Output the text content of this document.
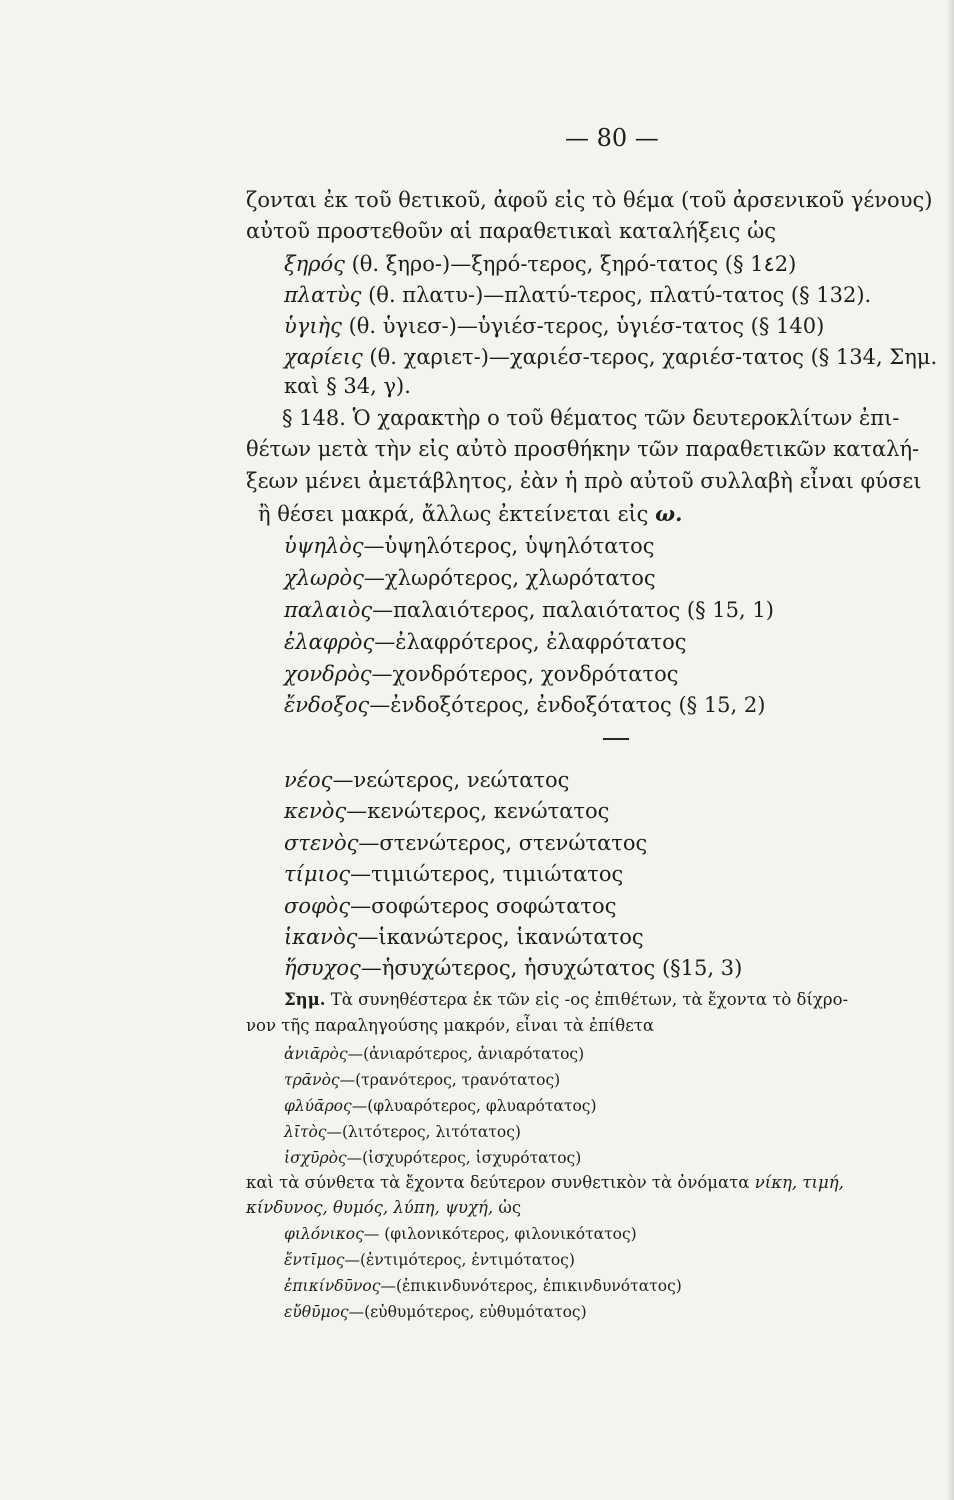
— 80 —
ζονται ἐκ τοῦ θετικοῦ, ἀφοῦ εἰς τὸ θέμα (τοῦ ἀρσενικοῦ γένους)
αὐτοῦ προστεθοῦν αἱ παραθετικαὶ καταλήξεις ὡς
ξηρός (θ. ξηρο-)—ξηρό-τερος, ξηρό-τατος (§ 1٤2)
πλατὺς (θ. πλατυ-)—πλατύ-τερος, πλατύ-τατος (§ 132).
ὑγιὴς (θ. ὑγιεσ-)—ὑγιέσ-τερος, ὑγιέσ-τατος (§ 140)
χαρίεις (θ. χαριετ-)—χαριέσ-τερος, χαριέσ-τατος (§ 134, Σημ.
καὶ § 34, γ).
§ 148. Ὁ χαρακτὴρ ο τοῦ θέματος τῶν δευτεροκλίτων ἐπι-
θέτων μετὰ τὴν εἰς αὐτὸ προσθήκην τῶν παραθετικῶν καταλή-
ξεων μένει ἀμετάβλητος, ἐὰν ἡ πρὸ αὐτοῦ συλλαβὴ εἶναι φύσει
ἢ θέσει μακρά, ἄλλως ἐκτείνεται εἰς ω.
ὑψηλὸς—ὑψηλότερος, ὑψηλότατος
χλωρὸς—χλωρότερος, χλωρότατος
παλαιὸς—παλαιότερος, παλαιότατος (§ 15, 1)
ἐλαφρὸς—ἐλαφρότερος, ἐλαφρότατος
χονδρὸς—χονδρότερος, χονδρότατος
ἔνδοξος—ἐνδοξότερος, ἐνδοξότατος (§ 15, 2)
νέος—νεώτερος, νεώτατος
κενὸς—κενώτερος, κενώτατος
στενὸς—στενώτερος, στενώτατος
τίμιος—τιμιώτερος, τιμιώτατος
σοφὸς—σοφώτερος σοφώτατος
ἱκανὸς—ἱκανώτερος, ἱκανώτατος
ἥσυχος—ἡσυχώτερος, ἡσυχώτατος (§15, 3)
Σημ. Τὰ συνηθέστερα ἐκ τῶν εἰς -ος ἐπιθέτων, τὰ ἔχοντα τὸ δίχρο-
νον τῆς παραληγούσης μακρόν, εἶναι τὰ ἐπίθετα
ἀνιᾱρὸς—(ἀνιαρότερος, ἀνιαρότατος)
τρᾱνὸς—(τρανότερος, τρανότατος)
φλύᾱρος—(φλυαρότερος, φλυαρότατος)
λῑτὸς—(λιτότερος, λιτότατος)
ἰσχῡρὸς—(ἰσχυρότερος, ἰσχυρότατος)
καὶ τὰ σύνθετα τὰ ἔχοντα δεύτερον συνθετικὸν τὰ ὀνόματα νίκη, τιμή,
κίνδυνος, θυμός, λύπη, ψυχή, ὡς
φιλόνικος— (φιλονικότερος, φιλονικότατος)
ἔντῑμος—(ἐντιμότερος, ἐντιμότατος)
ἐπικίνδῡνος—(ἐπικινδυνότερος, ἐπικινδυνότατος)
εὔθῡμος—(εὐθυμότερος, εὐθυμότατος)
